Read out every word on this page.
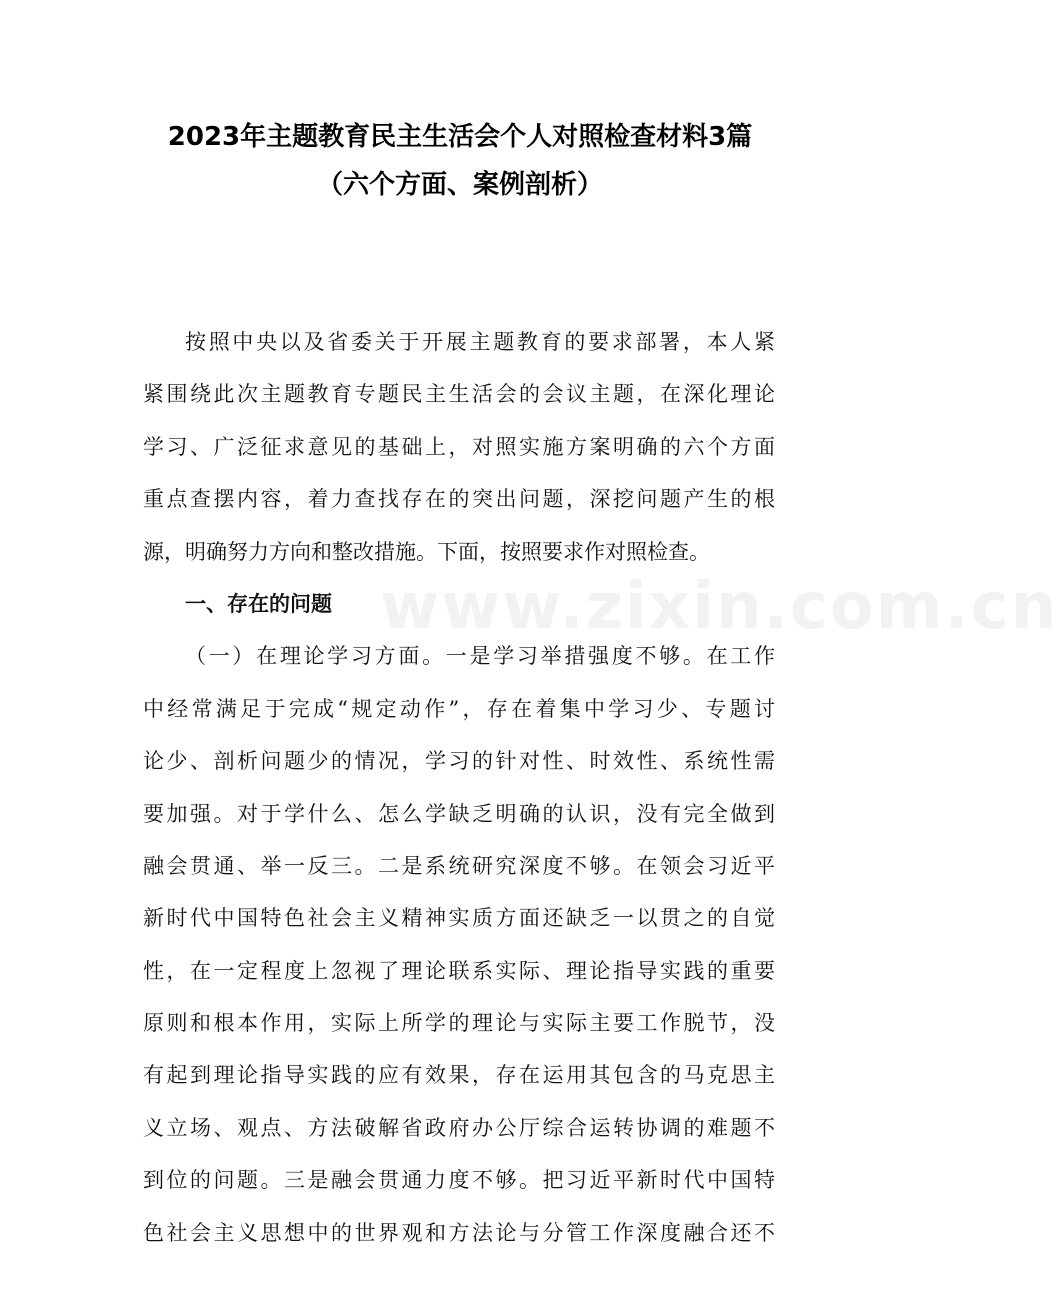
2023年主题教育民主生活会个人对照检查材料3篇
（六个方面、案例剖析）
www.zixin.com.cn
按照中央以及省委关于开展主题教育的要求部署，本人紧
紧围绕此次主题教育专题民主生活会的会议主题，在深化理论
学习、广泛征求意见的基础上，对照实施方案明确的六个方面
重点查摆内容，着力查找存在的突出问题，深挖问题产生的根
源，明确努力方向和整改措施。下面，按照要求作对照检查。
一、存在的问题
（一）在理论学习方面。一是学习举措强度不够。在工作
中经常满足于完成“规定动作”，存在着集中学习少、专题讨
论少、剖析问题少的情况，学习的针对性、时效性、系统性需
要加强。对于学什么、怎么学缺乏明确的认识，没有完全做到
融会贯通、举一反三。二是系统研究深度不够。在领会习近平
新时代中国特色社会主义精神实质方面还缺乏一以贯之的自觉
性，在一定程度上忽视了理论联系实际、理论指导实践的重要
原则和根本作用，实际上所学的理论与实际主要工作脱节，没
有起到理论指导实践的应有效果，存在运用其包含的马克思主
义立场、观点、方法破解省政府办公厅综合运转协调的难题不
到位的问题。三是融会贯通力度不够。把习近平新时代中国特
色社会主义思想中的世界观和方法论与分管工作深度融合还不
